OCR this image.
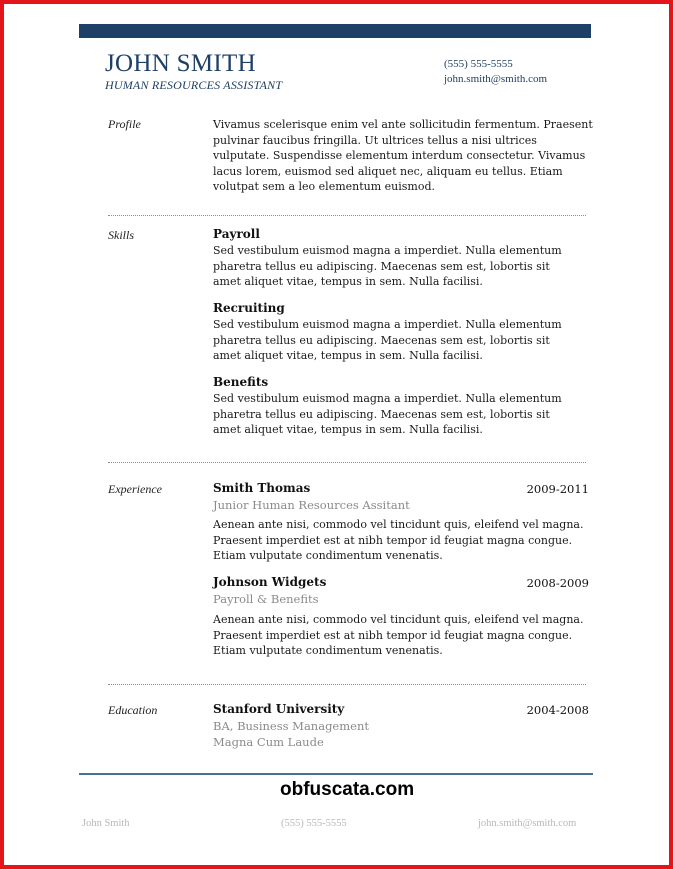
JOHN SMITH
HUMAN RESOURCES ASSISTANT
(555) 555-5555
john.smith@smith.com
Profile	Vivamus scelerisque enim vel ante sollicitudin fermentum. Praesent pulvinar faucibus fringilla. Ut ultrices tellus a nisi ultrices vulputate. Suspendisse elementum interdum consectetur. Vivamus lacus lorem, euismod sed aliquet nec, aliquam eu tellus. Etiam volutpat sem a leo elementum euismod.
Skills	Payroll
Sed vestibulum euismod magna a imperdiet. Nulla elementum pharetra tellus eu adipiscing. Maecenas sem est, lobortis sit amet aliquet vitae, tempus in sem. Nulla facilisi.
Recruiting
Sed vestibulum euismod magna a imperdiet. Nulla elementum pharetra tellus eu adipiscing. Maecenas sem est, lobortis sit amet aliquet vitae, tempus in sem. Nulla facilisi.
Benefits
Sed vestibulum euismod magna a imperdiet. Nulla elementum pharetra tellus eu adipiscing. Maecenas sem est, lobortis sit amet aliquet vitae, tempus in sem. Nulla facilisi.
Experience	Smith Thomas	2009-2011
Junior Human Resources Assitant
Aenean ante nisi, commodo vel tincidunt quis, eleifend vel magna. Praesent imperdiet est at nibh tempor id feugiat magna congue. Etiam vulputate condimentum venenatis.
Johnson Widgets	2008-2009
Payroll & Benefits
Aenean ante nisi, commodo vel tincidunt quis, eleifend vel magna. Praesent imperdiet est at nibh tempor id feugiat magna congue. Etiam vulputate condimentum venenatis.
Education	Stanford University	2004-2008
BA, Business Management
Magna Cum Laude
obfuscata.com
John Smith	(555) 555-5555	john.smith@smith.com
